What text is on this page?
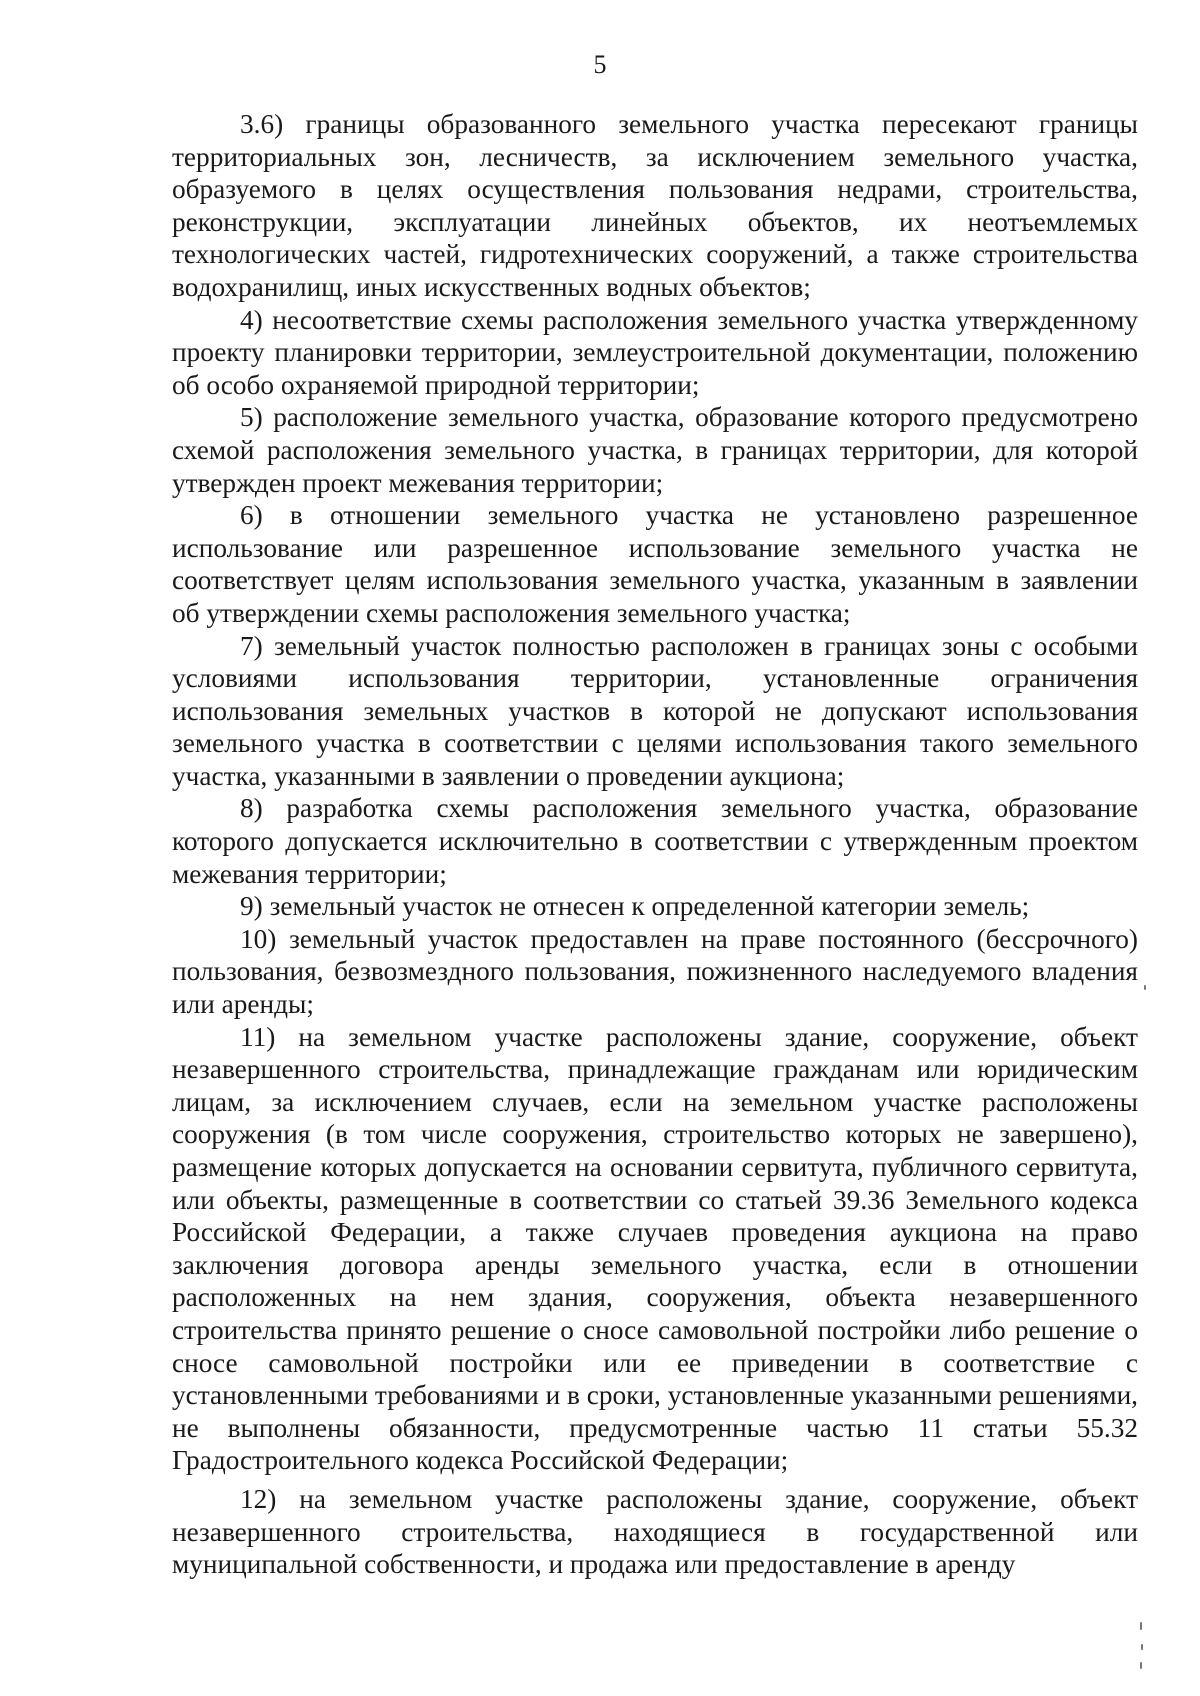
5

3.6) границы образованного земельного участка пересекают границы территориальных зон, лесничеств, за исключением земельного участка, образуемого в целях осуществления пользования недрами, строительства, реконструкции, эксплуатации линейных объектов, их неотъемлемых технологических частей, гидротехнических сооружений, а также строительства водохранилищ, иных искусственных водных объектов;

4) несоответствие схемы расположения земельного участка утвержденному проекту планировки территории, землеустроительной документации, положению об особо охраняемой природной территории;

5) расположение земельного участка, образование которого предусмотрено схемой расположения земельного участка, в границах территории, для которой утвержден проект межевания территории;

6) в отношении земельного участка не установлено разрешенное использование или разрешенное использование земельного участка не соответствует целям использования земельного участка, указанным в заявлении об утверждении схемы расположения земельного участка;

7) земельный участок полностью расположен в границах зоны с особыми условиями использования территории, установленные ограничения использования земельных участков в которой не допускают использования земельного участка в соответствии с целями использования такого земельного участка, указанными в заявлении о проведении аукциона;

8) разработка схемы расположения земельного участка, образование которого допускается исключительно в соответствии с утвержденным проектом межевания территории;

9) земельный участок не отнесен к определенной категории земель;

10) земельный участок предоставлен на праве постоянного (бессрочного) пользования, безвозмездного пользования, пожизненного наследуемого владения или аренды;

11) на земельном участке расположены здание, сооружение, объект незавершенного строительства, принадлежащие гражданам или юридическим лицам, за исключением случаев, если на земельном участке расположены сооружения (в том числе сооружения, строительство которых не завершено), размещение которых допускается на основании сервитута, публичного сервитута, или объекты, размещенные в соответствии со статьей 39.36 Земельного кодекса Российской Федерации, а также случаев проведения аукциона на право заключения договора аренды земельного участка, если в отношении расположенных на нем здания, сооружения, объекта незавершенного строительства принято решение о сносе самовольной постройки либо решение о сносе самовольной постройки или ее приведении в соответствие с установленными требованиями и в сроки, установленные указанными решениями, не выполнены обязанности, предусмотренные частью 11 статьи 55.32 Градостроительного кодекса Российской Федерации;

12) на земельном участке расположены здание, сооружение, объект незавершенного строительства, находящиеся в государственной или муниципальной собственности, и продажа или предоставление в аренду
